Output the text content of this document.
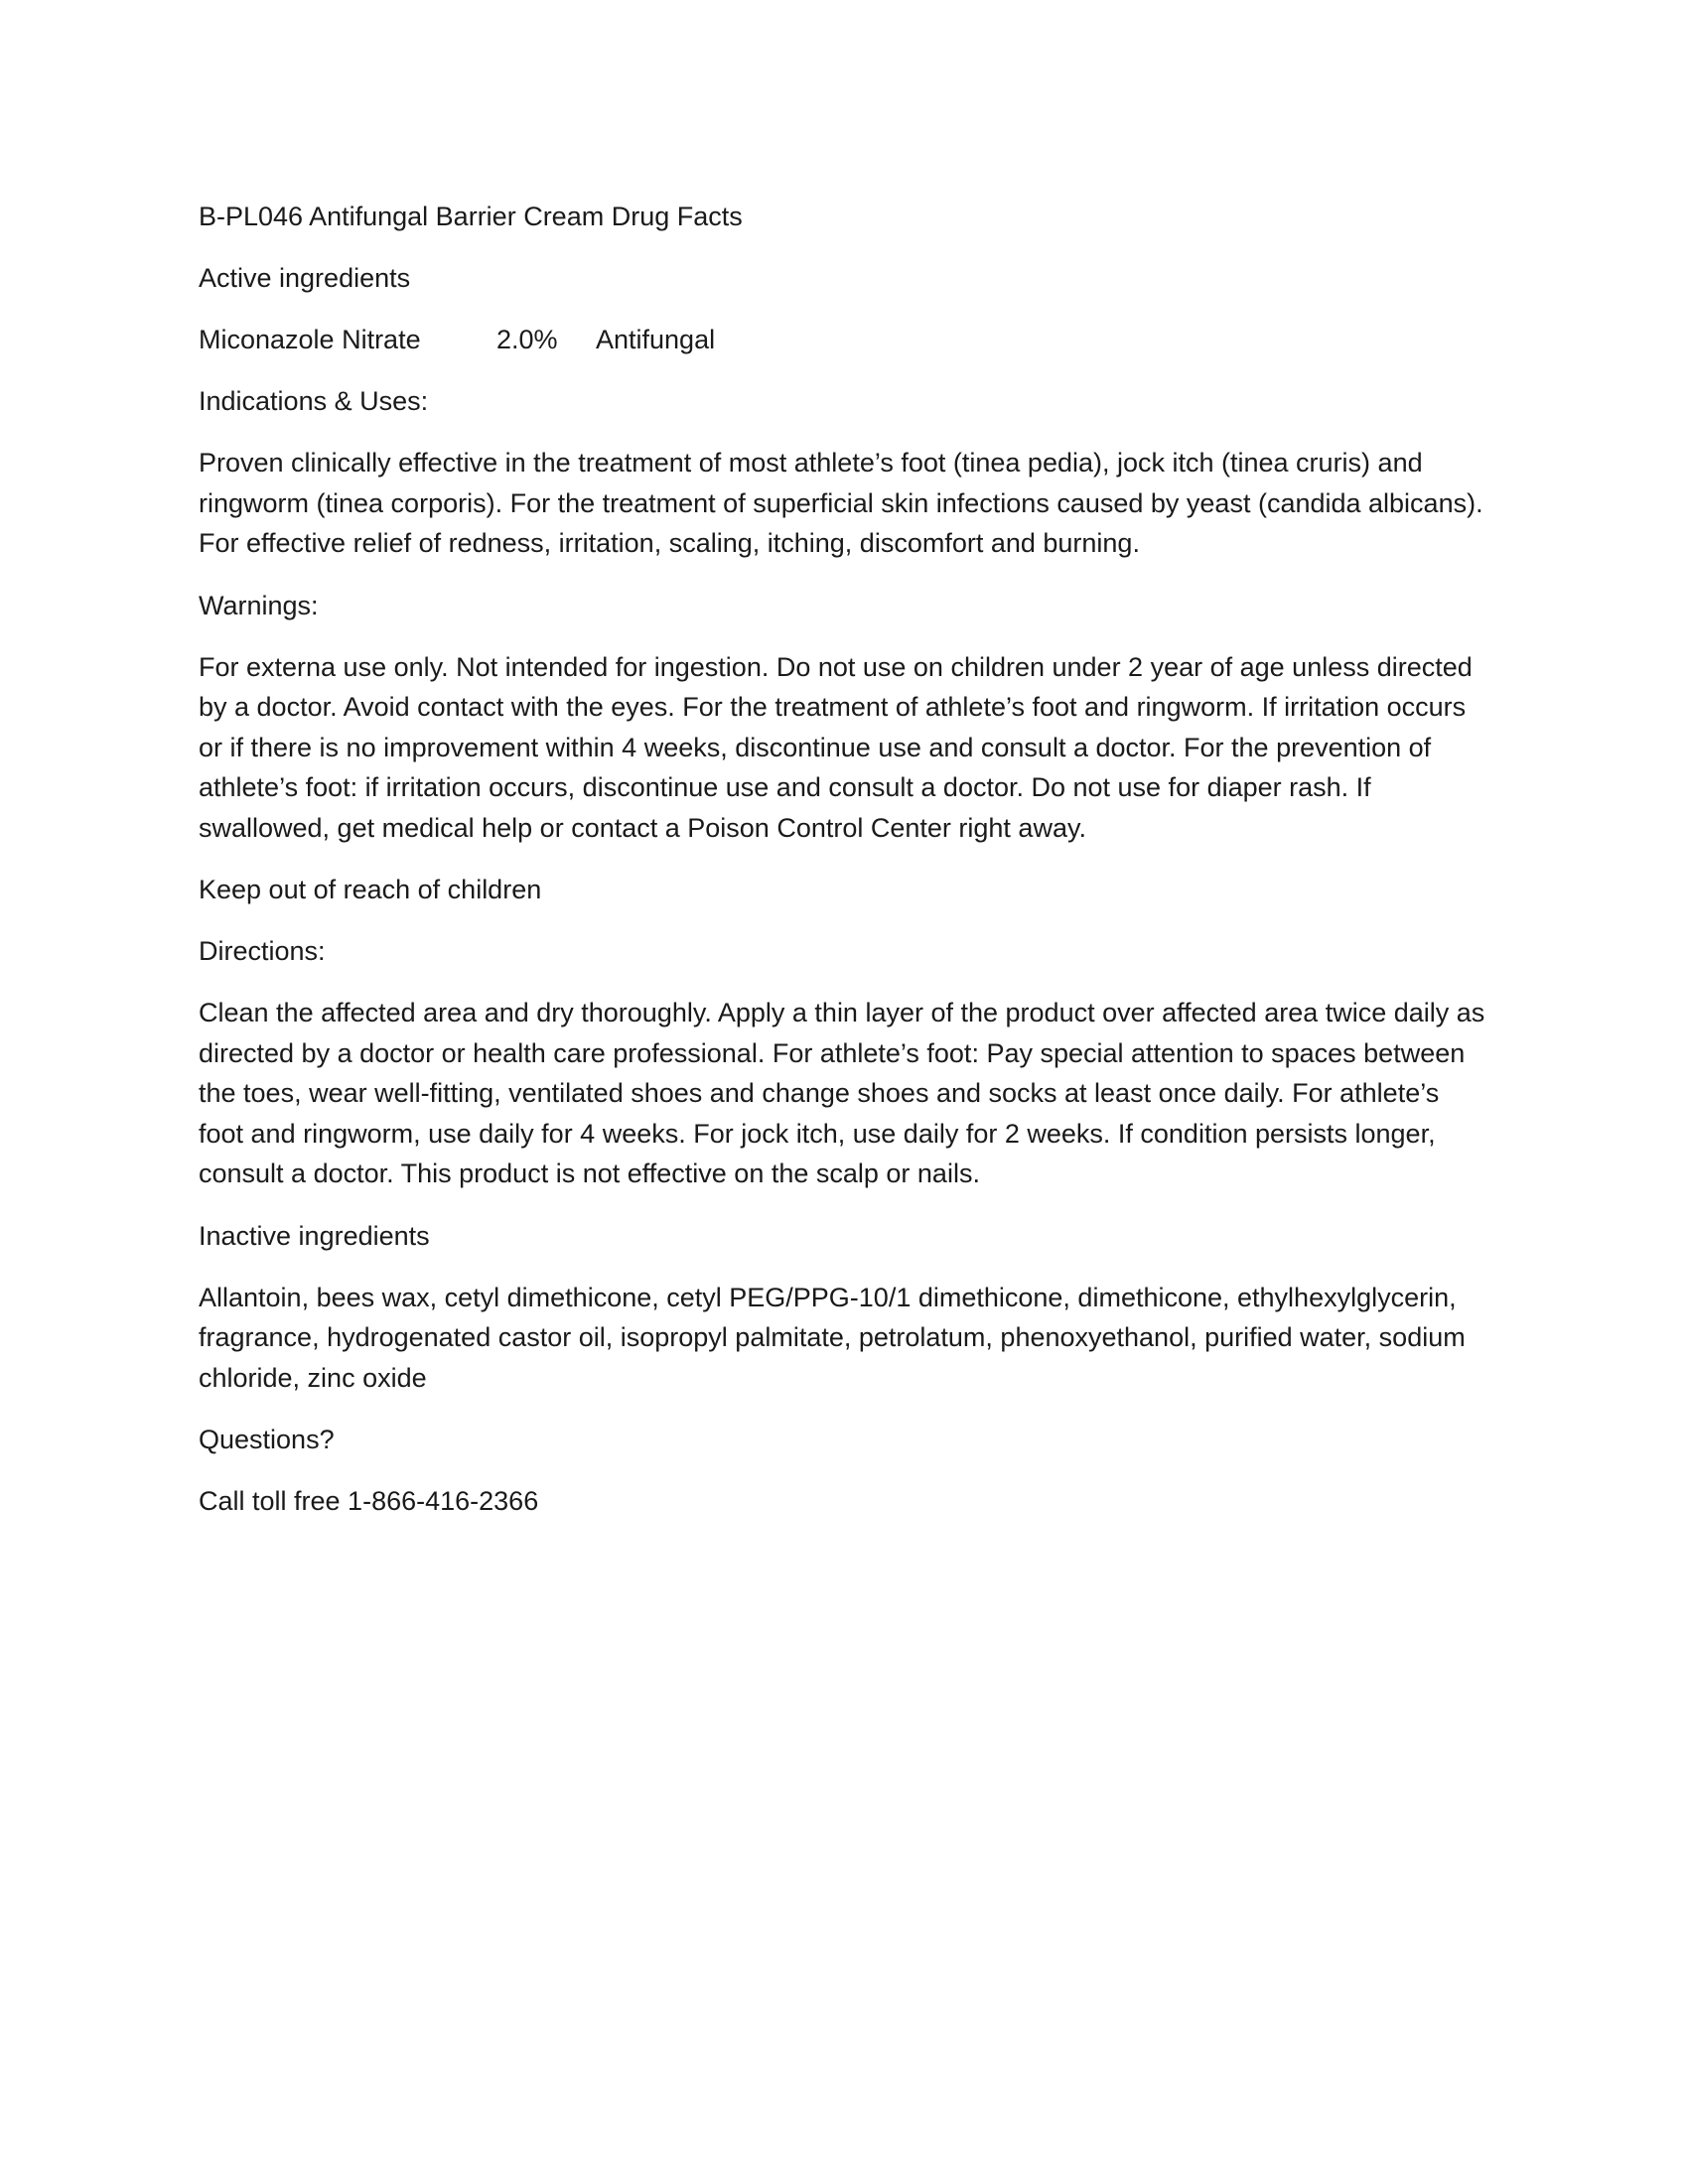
B-PL046 Antifungal Barrier Cream Drug Facts
Active ingredients
Miconazole Nitrate	2.0%	Antifungal
Indications & Uses:
Proven clinically effective in the treatment of most athlete’s foot (tinea pedia), jock itch (tinea cruris) and ringworm (tinea corporis). For the treatment of superficial skin infections caused by yeast (candida albicans). For effective relief of redness, irritation, scaling, itching, discomfort and burning.
Warnings:
For externa use only. Not intended for ingestion. Do not use on children under 2 year of age unless directed by a doctor. Avoid contact with the eyes. For the treatment of athlete’s foot and ringworm. If irritation occurs or if there is no improvement within 4 weeks, discontinue use and consult a doctor. For the prevention of athlete’s foot: if irritation occurs, discontinue use and consult a doctor. Do not use for diaper rash. If swallowed, get medical help or contact a Poison Control Center right away.
Keep out of reach of children
Directions:
Clean the affected area and dry thoroughly. Apply a thin layer of the product over affected area twice daily as directed by a doctor or health care professional. For athlete’s foot: Pay special attention to spaces between the toes, wear well-fitting, ventilated shoes and change shoes and socks at least once daily. For athlete’s foot and ringworm, use daily for 4 weeks. For jock itch, use daily for 2 weeks. If condition persists longer, consult a doctor. This product is not effective on the scalp or nails.
Inactive ingredients
Allantoin, bees wax, cetyl dimethicone, cetyl PEG/PPG-10/1 dimethicone, dimethicone, ethylhexylglycerin, fragrance, hydrogenated castor oil, isopropyl palmitate, petrolatum, phenoxyethanol, purified water, sodium chloride, zinc oxide
Questions?
Call toll free 1-866-416-2366
